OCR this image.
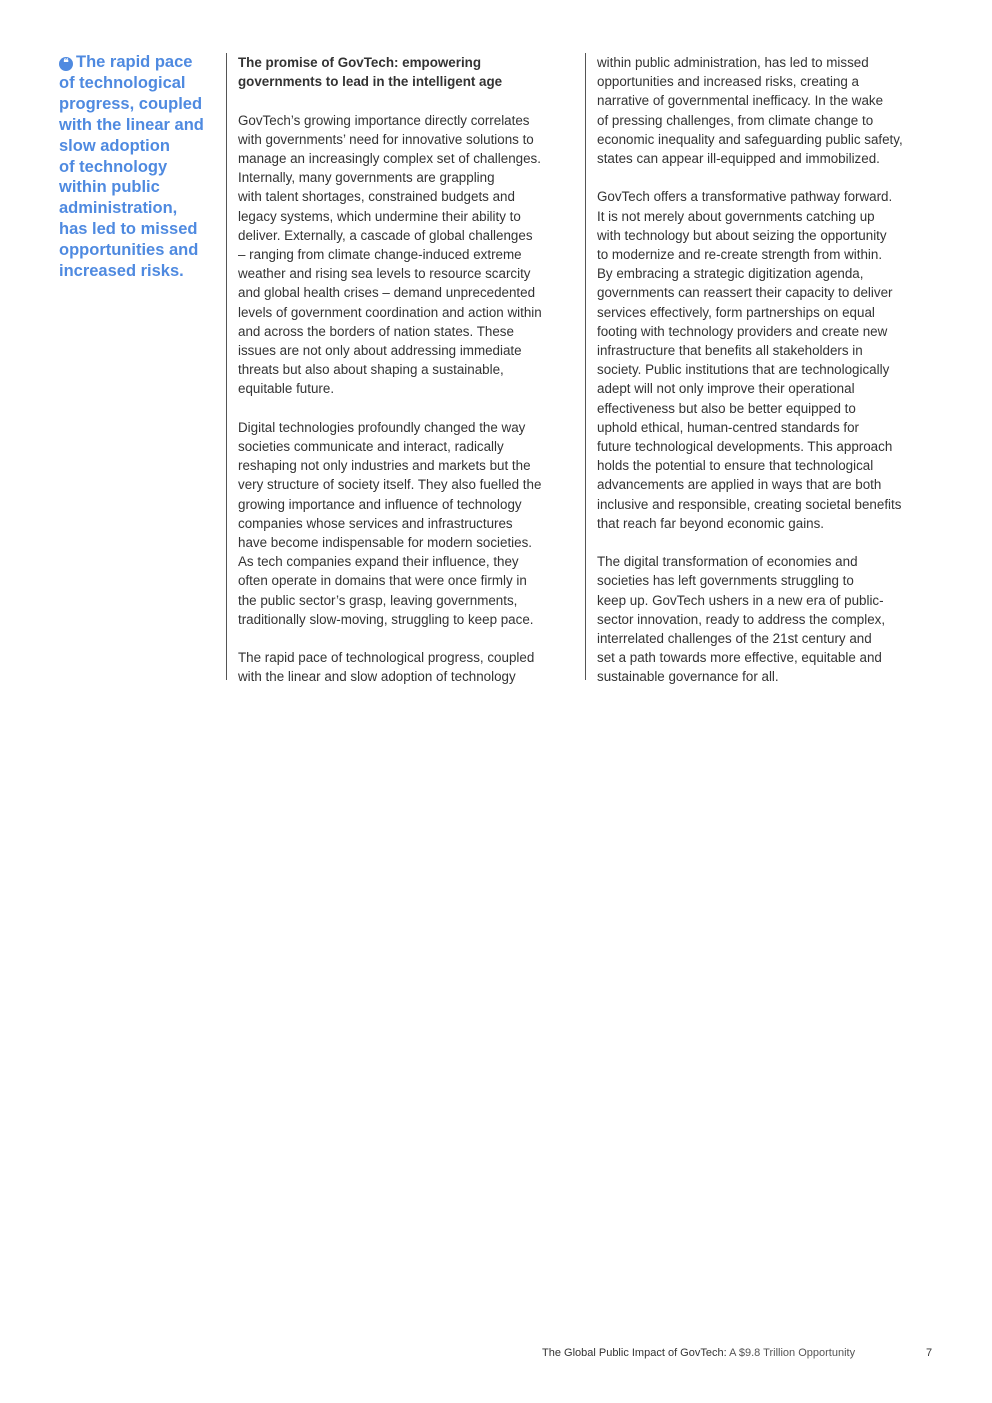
❝ The rapid pace
of technological
progress, coupled
with the linear and
slow adoption
of technology
within public
administration,
has led to missed
opportunities and
increased risks.
The promise of GovTech: empowering
governments to lead in the intelligent age
GovTech’s growing importance directly correlates
with governments’ need for innovative solutions to
manage an increasingly complex set of challenges.
Internally, many governments are grappling
with talent shortages, constrained budgets and
legacy systems, which undermine their ability to
deliver. Externally, a cascade of global challenges
– ranging from climate change-induced extreme
weather and rising sea levels to resource scarcity
and global health crises – demand unprecedented
levels of government coordination and action within
and across the borders of nation states. These
issues are not only about addressing immediate
threats but also about shaping a sustainable,
equitable future.
Digital technologies profoundly changed the way
societies communicate and interact, radically
reshaping not only industries and markets but the
very structure of society itself. They also fuelled the
growing importance and influence of technology
companies whose services and infrastructures
have become indispensable for modern societies.
As tech companies expand their influence, they
often operate in domains that were once firmly in
the public sector’s grasp, leaving governments,
traditionally slow-moving, struggling to keep pace.
The rapid pace of technological progress, coupled
with the linear and slow adoption of technology
within public administration, has led to missed
opportunities and increased risks, creating a
narrative of governmental inefficacy. In the wake
of pressing challenges, from climate change to
economic inequality and safeguarding public safety,
states can appear ill-equipped and immobilized.
GovTech offers a transformative pathway forward.
It is not merely about governments catching up
with technology but about seizing the opportunity
to modernize and re-create strength from within.
By embracing a strategic digitization agenda,
governments can reassert their capacity to deliver
services effectively, form partnerships on equal
footing with technology providers and create new
infrastructure that benefits all stakeholders in
society. Public institutions that are technologically
adept will not only improve their operational
effectiveness but also be better equipped to
uphold ethical, human-centred standards for
future technological developments. This approach
holds the potential to ensure that technological
advancements are applied in ways that are both
inclusive and responsible, creating societal benefits
that reach far beyond economic gains.
The digital transformation of economies and
societies has left governments struggling to
keep up. GovTech ushers in a new era of public-
sector innovation, ready to address the complex,
interrelated challenges of the 21st century and
set a path towards more effective, equitable and
sustainable governance for all.
The Global Public Impact of GovTech: A $9.8 Trillion Opportunity	7
